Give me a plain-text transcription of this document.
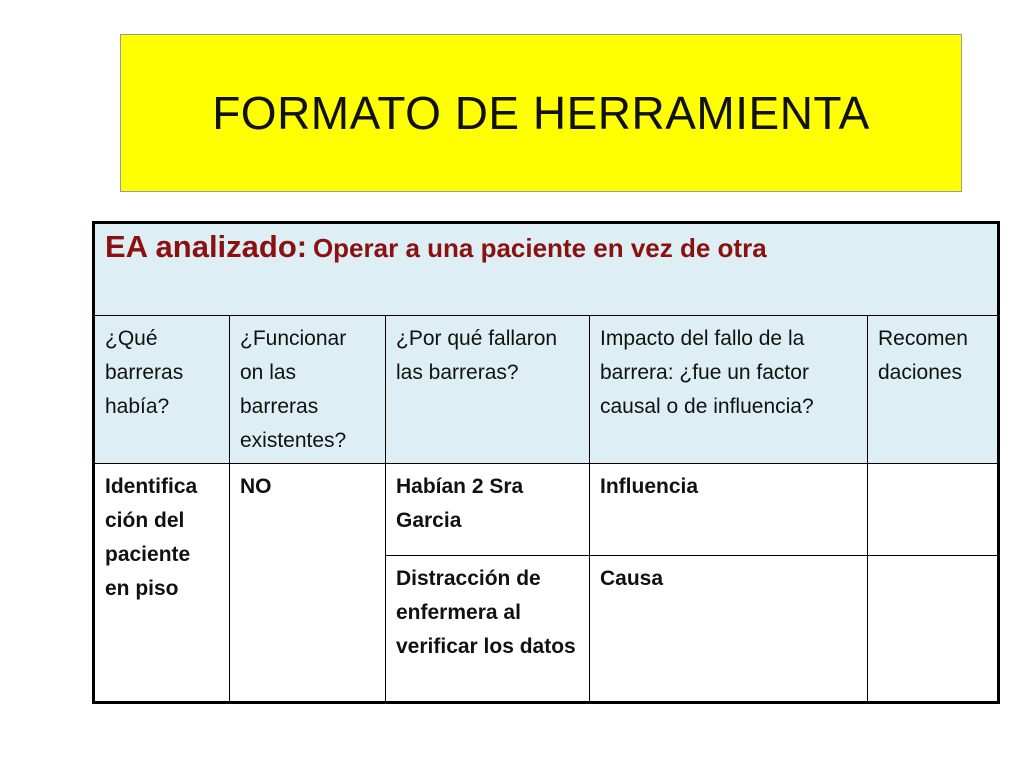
FORMATO DE HERRAMIENTA
EA analizado: Operar a una paciente en vez de otra				
¿Qué barreras había?	¿Funcionar on las barreras existentes?	¿Por qué fallaron las barreras?	Impacto del fallo de la barrera: ¿fue un factor causal o de influencia?	Recomen daciones
Identifica ción del paciente en piso	NO	Habían 2 Sra Garcia	Influencia	
		Distracción de enfermera al verificar los datos	Causa	
